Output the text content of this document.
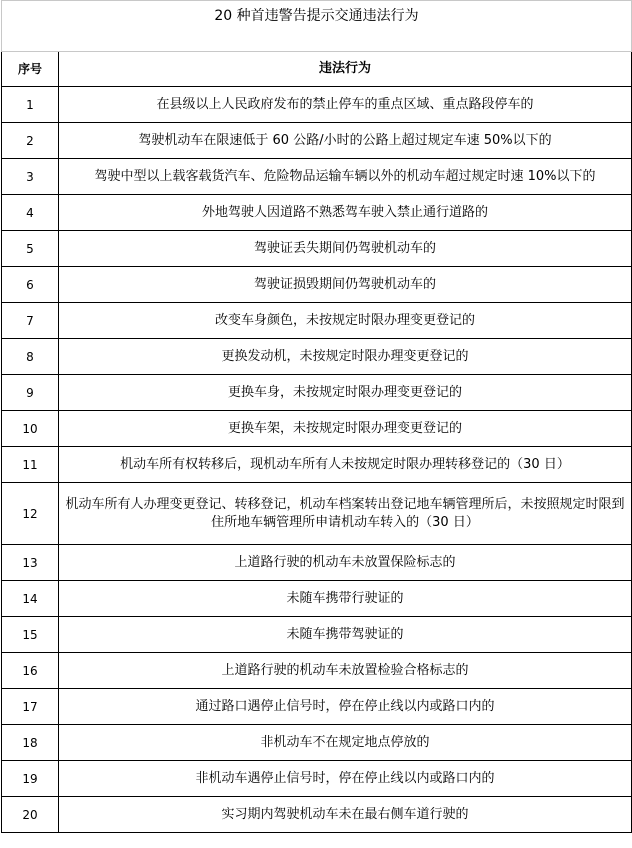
20 种首违警告提示交通违法行为	
序号	违法行为
1	在县级以上人民政府发布的禁止停车的重点区域、重点路段停车的
2	驾驶机动车在限速低于 60 公路/小时的公路上超过规定车速 50%以下的
3	驾驶中型以上载客载货汽车、危险物品运输车辆以外的机动车超过规定时速 10%以下的
4	外地驾驶人因道路不熟悉驾车驶入禁止通行道路的
5	驾驶证丢失期间仍驾驶机动车的
6	驾驶证损毁期间仍驾驶机动车的
7	改变车身颜色，未按规定时限办理变更登记的
8	更换发动机，未按规定时限办理变更登记的
9	更换车身，未按规定时限办理变更登记的
10	更换车架，未按规定时限办理变更登记的
11	机动车所有权转移后，现机动车所有人未按规定时限办理转移登记的（30 日）
12	机动车所有人办理变更登记、转移登记，机动车档案转出登记地车辆管理所后，未按照规定时限到住所地车辆管理所申请机动车转入的（30 日）
13	上道路行驶的机动车未放置保险标志的
14	未随车携带行驶证的
15	未随车携带驾驶证的
16	上道路行驶的机动车未放置检验合格标志的
17	通过路口遇停止信号时，停在停止线以内或路口内的
18	非机动车不在规定地点停放的
19	非机动车遇停止信号时，停在停止线以内或路口内的
20	实习期内驾驶机动车未在最右侧车道行驶的
